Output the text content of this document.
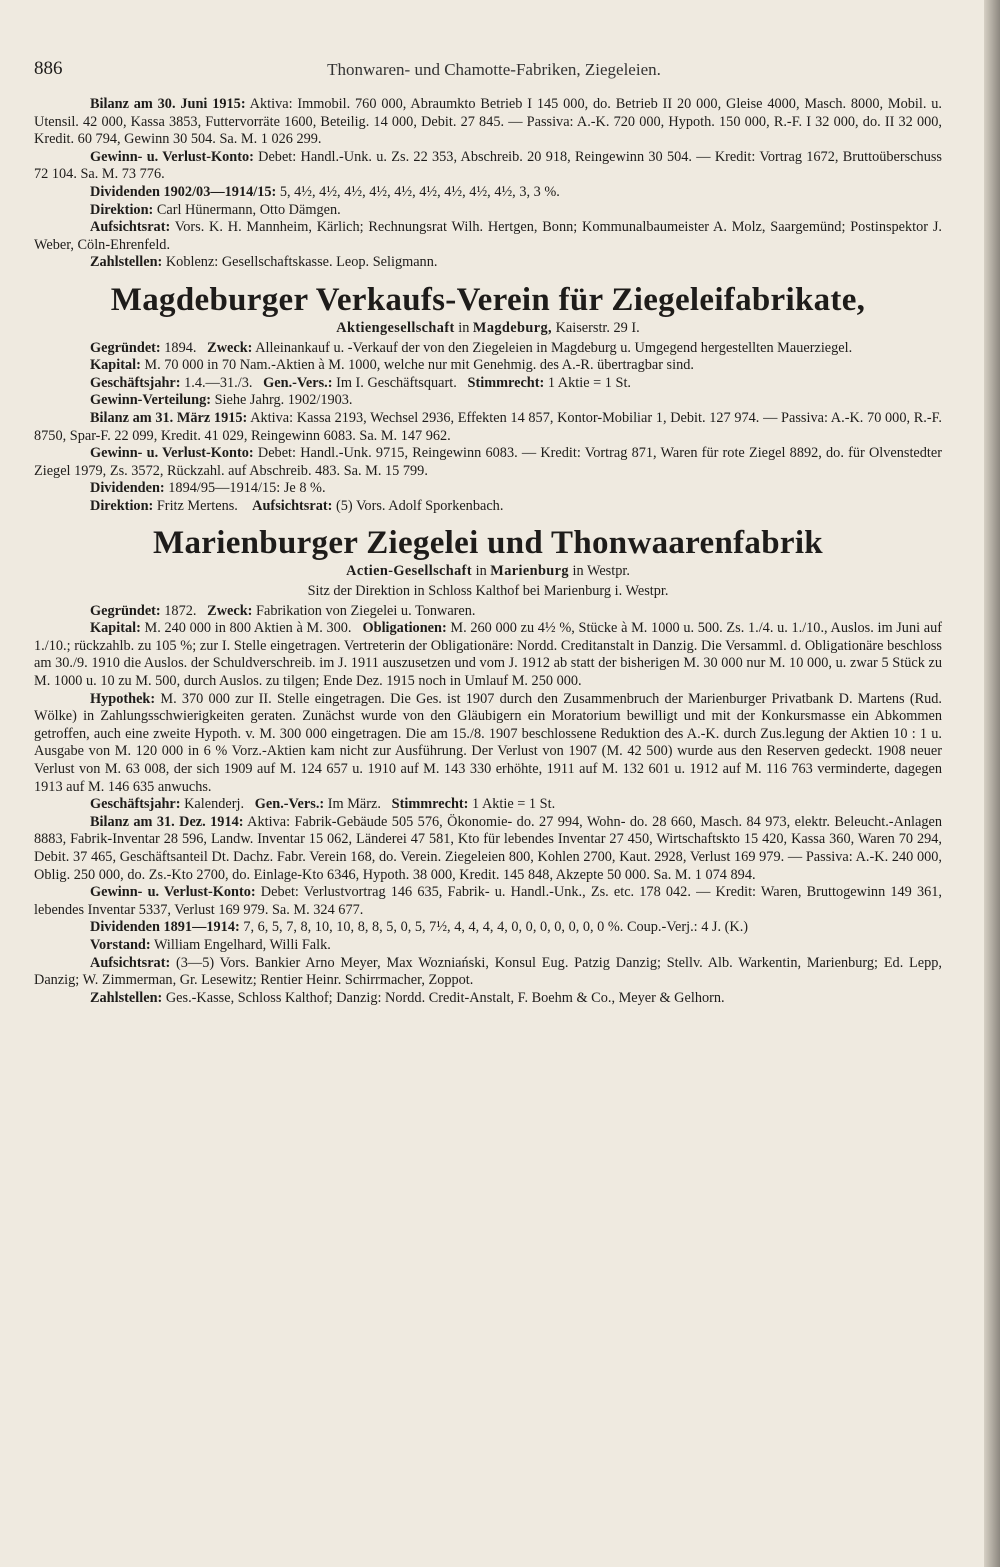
886	Thonwaren- und Chamotte-Fabriken, Ziegeleien.

Bilanz am 30. Juni 1915: Aktiva: Immobil. 760 000, Abraumkto Betrieb I 145 000, do. Betrieb II 20 000, Gleise 4000, Masch. 8000, Mobil. u. Utensil. 42 000, Kassa 3853, Futtervorräte 1600, Beteilig. 14 000, Debit. 27 845. — Passiva: A.-K. 720 000, Hypoth. 150 000, R.-F. I 32 000, do. II 32 000, Kredit. 60 794, Gewinn 30 504. Sa. M. 1 026 299.

Gewinn- u. Verlust-Konto: Debet: Handl.-Unk. u. Zs. 22 353, Abschreib. 20 918, Reingewinn 30 504. — Kredit: Vortrag 1672, Bruttoüberschuss 72 104. Sa. M. 73 776.

Dividenden 1902/03—1914/15: 5, 4½, 4½, 4½, 4½, 4½, 4½, 4½, 4½, 4½, 3, 3 %.

Direktion: Carl Hünermann, Otto Dämgen.

Aufsichtsrat: Vors. K. H. Mannheim, Kärlich; Rechnungsrat Wilh. Hertgen, Bonn; Kommunalbaumeister A. Molz, Saargemünd; Postinspektor J. Weber, Cöln-Ehrenfeld.

Zahlstellen: Koblenz: Gesellschaftskasse. Leop. Seligmann.

Magdeburger Verkaufs-Verein für Ziegeleifabrikate,

Aktiengesellschaft in Magdeburg, Kaiserstr. 29 I.

Gegründet: 1894. Zweck: Alleinankauf u. -Verkauf der von den Ziegeleien in Magdeburg u. Umgegend hergestellten Mauerziegel.

Kapital: M. 70 000 in 70 Nam.-Aktien à M. 1000, welche nur mit Genehmig. des A.-R. übertragbar sind.

Geschäftsjahr: 1.4.—31./3. Gen.-Vers.: Im I. Geschäftsquart. Stimmrecht: 1 Aktie = 1 St.

Gewinn-Verteilung: Siehe Jahrg. 1902/1903.

Bilanz am 31. März 1915: Aktiva: Kassa 2193, Wechsel 2936, Effekten 14 857, Kontor-Mobiliar 1, Debit. 127 974. — Passiva: A.-K. 70 000, R.-F. 8750, Spar-F. 22 099, Kredit. 41 029, Reingewinn 6083. Sa. M. 147 962.

Gewinn- u. Verlust-Konto: Debet: Handl.-Unk. 9715, Reingewinn 6083. — Kredit: Vortrag 871, Waren für rote Ziegel 8892, do. für Olvenstedter Ziegel 1979, Zs. 3572, Rückzahl. auf Abschreib. 483. Sa. M. 15 799.

Dividenden: 1894/95—1914/15: Je 8 %.

Direktion: Fritz Mertens. Aufsichtsrat: (5) Vors. Adolf Sporkenbach.

Marienburger Ziegelei und Thonwaarenfabrik

Actien-Gesellschaft in Marienburg in Westpr.

Sitz der Direktion in Schloss Kalthof bei Marienburg i. Westpr.

Gegründet: 1872. Zweck: Fabrikation von Ziegelei u. Tonwaren.

Kapital: M. 240 000 in 800 Aktien à M. 300. Obligationen: M. 260 000 zu 4½ %, Stücke à M. 1000 u. 500. Zs. 1./4. u. 1./10., Auslos. im Juni auf 1./10.; rückzahlb. zu 105 %; zur I. Stelle eingetragen. Vertreterin der Obligationäre: Nordd. Creditanstalt in Danzig. Die Versamml. d. Obligationäre beschloss am 30./9. 1910 die Auslos. der Schuldverschreib. im J. 1911 auszusetzen und vom J. 1912 ab statt der bisherigen M. 30 000 nur M. 10 000, u. zwar 5 Stück zu M. 1000 u. 10 zu M. 500, durch Auslos. zu tilgen; Ende Dez. 1915 noch in Umlauf M. 250 000.

Hypothek: M. 370 000 zur II. Stelle eingetragen. Die Ges. ist 1907 durch den Zusammenbruch der Marienburger Privatbank D. Martens (Rud. Wölke) in Zahlungsschwierigkeiten geraten. Zunächst wurde von den Gläubigern ein Moratorium bewilligt und mit der Konkursmasse ein Abkommen getroffen, auch eine zweite Hypoth. v. M. 300 000 eingetragen. Die am 15./8. 1907 beschlossene Reduktion des A.-K. durch Zus.legung der Aktien 10 : 1 u. Ausgabe von M. 120 000 in 6 % Vorz.-Aktien kam nicht zur Ausführung. Der Verlust von 1907 (M. 42 500) wurde aus den Reserven gedeckt. 1908 neuer Verlust von M. 63 008, der sich 1909 auf M. 124 657 u. 1910 auf M. 143 330 erhöhte, 1911 auf M. 132 601 u. 1912 auf M. 116 763 verminderte, dagegen 1913 auf M. 146 635 anwuchs.

Geschäftsjahr: Kalenderj. Gen.-Vers.: Im März. Stimmrecht: 1 Aktie = 1 St.

Bilanz am 31. Dez. 1914: Aktiva: Fabrik-Gebäude 505 576, Ökonomie- do. 27 994, Wohn- do. 28 660, Masch. 84 973, elektr. Beleucht.-Anlagen 8883, Fabrik-Inventar 28 596, Landw. Inventar 15 062, Länderei 47 581, Kto für lebendes Inventar 27 450, Wirtschaftskto 15 420, Kassa 360, Waren 70 294, Debit. 37 465, Geschäftsanteil Dt. Dachz. Fabr. Verein 168, do. Verein. Ziegeleien 800, Kohlen 2700, Kaut. 2928, Verlust 169 979. — Passiva: A.-K. 240 000, Oblig. 250 000, do. Zs.-Kto 2700, do. Einlage-Kto 6346, Hypoth. 38 000, Kredit. 145 848, Akzepte 50 000. Sa. M. 1 074 894.

Gewinn- u. Verlust-Konto: Debet: Verlustvortrag 146 635, Fabrik- u. Handl.-Unk., Zs. etc. 178 042. — Kredit: Waren, Bruttogewinn 149 361, lebendes Inventar 5337, Verlust 169 979. Sa. M. 324 677.

Dividenden 1891—1914: 7, 6, 5, 7, 8, 10, 10, 8, 8, 5, 0, 5, 7½, 4, 4, 4, 4, 0, 0, 0, 0, 0, 0, 0 %. Coup.-Verj.: 4 J. (K.)

Vorstand: William Engelhard, Willi Falk.

Aufsichtsrat: (3—5) Vors. Bankier Arno Meyer, Max Wozniański, Konsul Eug. Patzig Danzig; Stellv. Alb. Warkentin, Marienburg; Ed. Lepp, Danzig; W. Zimmerman, Gr. Lesewitz; Rentier Heinr. Schirrmacher, Zoppot.

Zahlstellen: Ges.-Kasse, Schloss Kalthof; Danzig: Nordd. Credit-Anstalt, F. Boehm & Co., Meyer & Gelhorn.
